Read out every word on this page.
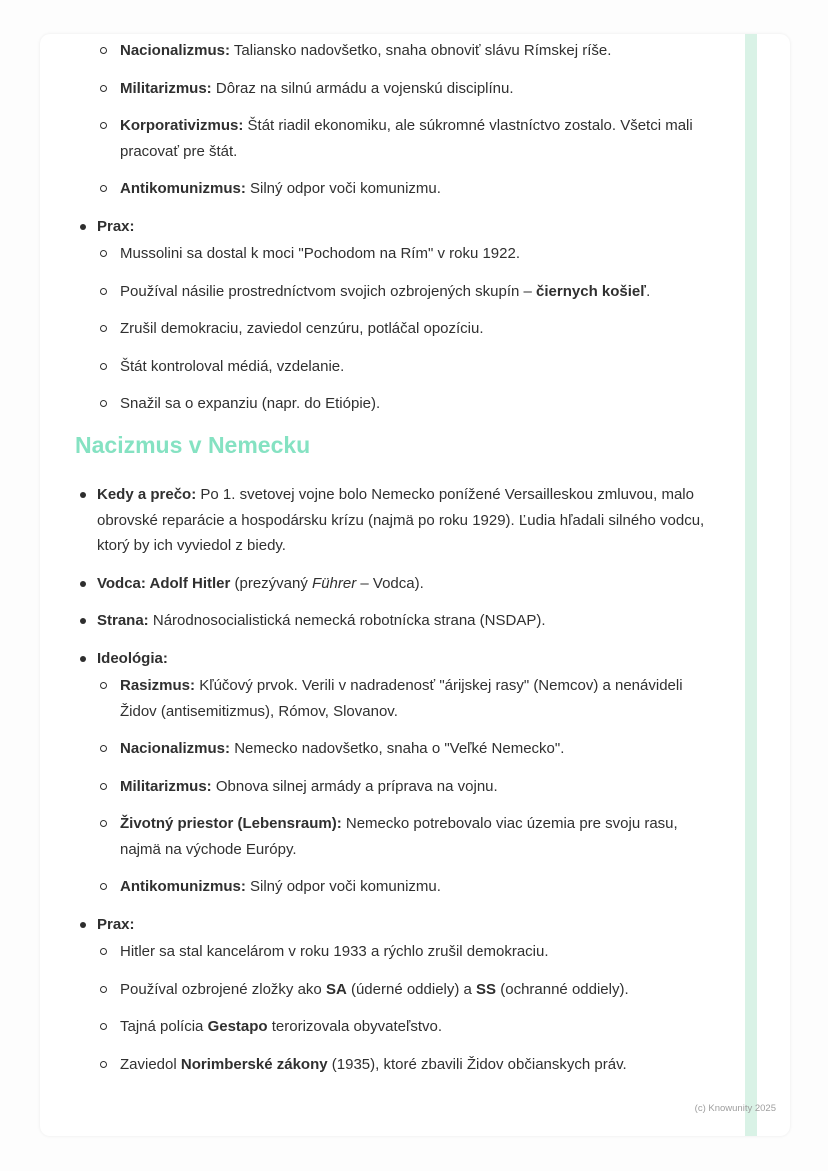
Nacionalizmus: Taliansko nadovšetko, snaha obnoviť slávu Rímskej ríše.
Militarizmus: Dôraz na silnú armádu a vojenskú disciplínu.
Korporativizmus: Štát riadil ekonomiku, ale súkromné vlastníctvo zostalo. Všetci mali pracovať pre štát.
Antikomunizmus: Silný odpor voči komunizmu.
Prax:
Mussolini sa dostal k moci "Pochodom na Rím" v roku 1922.
Používal násilie prostredníctvom svojich ozbrojených skupín – čiernych košieľ.
Zrušil demokraciu, zaviedol cenzúru, potláčal opozíciu.
Štát kontroloval médiá, vzdelanie.
Snažil sa o expanziu (napr. do Etiópie).
Nacizmus v Nemecku
Kedy a prečo: Po 1. svetovej vojne bolo Nemecko ponížené Versailleskou zmluvou, malo obrovské reparácie a hospodársku krízu (najmä po roku 1929). Ľudia hľadali silného vodcu, ktorý by ich vyviedol z biedy.
Vodca: Adolf Hitler (prezývaný Führer – Vodca).
Strana: Národnosocialistická nemecká robotnícka strana (NSDAP).
Ideológia:
Rasizmus: Kľúčový prvok. Verili v nadradenosť "árijskej rasy" (Nemcov) a nenávideli Židov (antisemitizmus), Rómov, Slovanov.
Nacionalizmus: Nemecko nadovšetko, snaha o "Veľké Nemecko".
Militarizmus: Obnova silnej armády a príprava na vojnu.
Životný priestor (Lebensraum): Nemecko potrebovalo viac územia pre svoju rasu, najmä na východe Európy.
Antikomunizmus: Silný odpor voči komunizmu.
Prax:
Hitler sa stal kancelárom v roku 1933 a rýchlo zrušil demokraciu.
Používal ozbrojené zložky ako SA (úderné oddiely) a SS (ochranné oddiely).
Tajná polícia Gestapo terorizovala obyvateľstvo.
Zaviedol Norimberské zákony (1935), ktoré zbavili Židov občianskych práv.
(c) Knowunity 2025
